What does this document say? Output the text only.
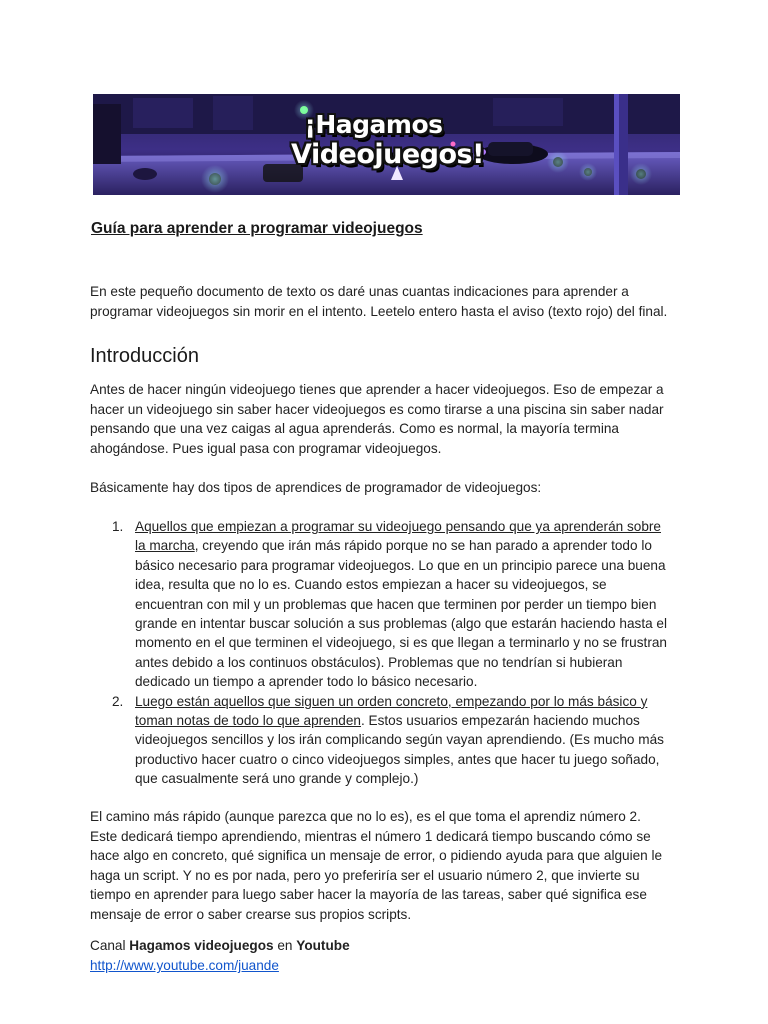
¡Hagamos
Videojuegos!
Guía para aprender a programar videojuegos

En este pequeño documento de texto os daré unas cuantas indicaciones para aprender a
programar videojuegos sin morir en el intento. Leetelo entero hasta el aviso (texto rojo) del final.

Introducción

Antes de hacer ningún videojuego tienes que aprender a hacer videojuegos. Eso de empezar a
hacer un videojuego sin saber hacer videojuegos es como tirarse a una piscina sin saber nadar
pensando que una vez caigas al agua aprenderás. Como es normal, la mayoría termina
ahogándose. Pues igual pasa con programar videojuegos.

Básicamente hay dos tipos de aprendices de programador de videojuegos:

1. Aquellos que empiezan a programar su videojuego pensando que ya aprenderán sobre
la marcha, creyendo que irán más rápido porque no se han parado a aprender todo lo
básico necesario para programar videojuegos. Lo que en un principio parece una buena
idea, resulta que no lo es. Cuando estos empiezan a hacer su videojuegos, se
encuentran con mil y un problemas que hacen que terminen por perder un tiempo bien
grande en intentar buscar solución a sus problemas (algo que estarán haciendo hasta el
momento en el que terminen el videojuego, si es que llegan a terminarlo y no se frustran
antes debido a los continuos obstáculos). Problemas que no tendrían si hubieran
dedicado un tiempo a aprender todo lo básico necesario.
2. Luego están aquellos que siguen un orden concreto, empezando por lo más básico y
toman notas de todo lo que aprenden. Estos usuarios empezarán haciendo muchos
videojuegos sencillos y los irán complicando según vayan aprendiendo. (Es mucho más
productivo hacer cuatro o cinco videojuegos simples, antes que hacer tu juego soñado,
que casualmente será uno grande y complejo.)

El camino más rápido (aunque parezca que no lo es), es el que toma el aprendiz número 2.
Este dedicará tiempo aprendiendo, mientras el número 1 dedicará tiempo buscando cómo se
hace algo en concreto, qué significa un mensaje de error, o pidiendo ayuda para que alguien le
haga un script. Y no es por nada, pero yo preferiría ser el usuario número 2, que invierte su
tiempo en aprender para luego saber hacer la mayoría de las tareas, saber qué significa ese
mensaje de error o saber crearse sus propios scripts.

Canal Hagamos videojuegos en Youtube
http://www.youtube.com/juande
